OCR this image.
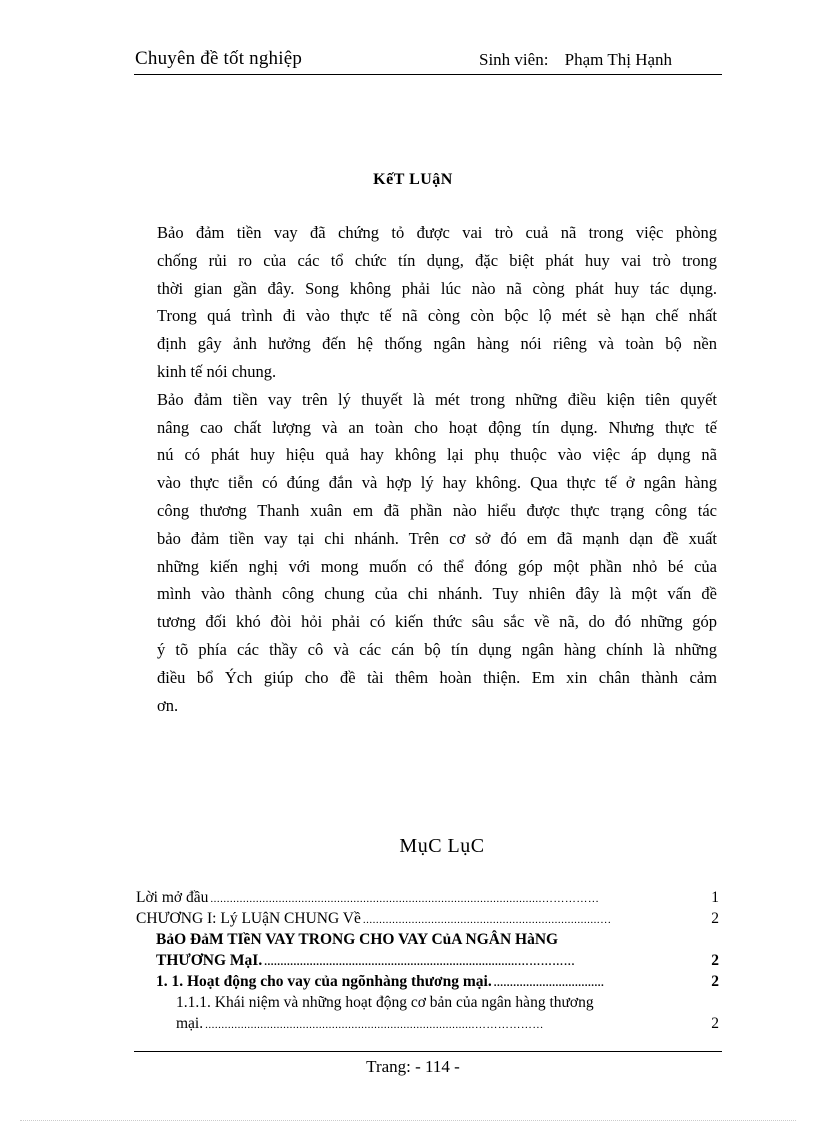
Chuyên đề tốt nghiệp	Sinh viên: Phạm Thị Hạnh
KếT LUậN
Bảo đảm tiền vay đã chứng tỏ được vai trò cuả nã trong việc phòng
chống rủi ro của các tổ chức tín dụng, đặc biệt phát huy vai trò trong
thời gian gần đây. Song không phải lúc nào nã còng phát huy tác dụng.
Trong quá trình đi vào thực tế nã còng còn bộc lộ mét sè hạn chế nhất
định gây ảnh hưởng đến hệ thống ngân hàng nói riêng và toàn bộ nền
kinh tế nói chung.
Bảo đảm tiền vay trên lý thuyết là mét trong những điều kiện tiên quyết
nâng cao chất lượng và an toàn cho hoạt động tín dụng. Nhưng thực tế
nú có phát huy hiệu quả hay không lại phụ thuộc vào việc áp dụng nã
vào thực tiễn có đúng đắn và hợp lý hay không. Qua thực tế ở ngân hàng
công thương Thanh xuân em đã phần nào hiểu được thực trạng công tác
bảo đảm tiền vay tại chi nhánh. Trên cơ sở đó em đã mạnh dạn đề xuất
những kiến nghị với mong muốn có thể đóng góp một phần nhỏ bé của
mình vào thành công chung của chi nhánh. Tuy nhiên đây là một vấn đề
tương đối khó đòi hỏi phải có kiến thức sâu sắc về nã, do đó những góp
ý tõ phía các thầy cô và các cán bộ tín dụng ngân hàng chính là những
điều bổ Ých giúp cho đề tài thêm hoàn thiện. Em xin chân thành cảm
ơn.
MụC LụC
Lời mở đầu ......................................................................................................……………	1
CHƯƠNG I: Lý LUậN CHUNG Về .........................................................................…	2
BảO ĐảM TIềN VAY TRONG CHO VAY CủA NGÂN HàNG
THƯƠNG MạI. ..............................................................................……………	2
1. 1. Hoạt động cho vay của ngõnhàng thương mại. ..................................	2
1.1.1. Khái niệm và những hoạt động cơ bản của ngân hàng thương
mại. ...................................................................................………………	2
Trang: - 114 -
